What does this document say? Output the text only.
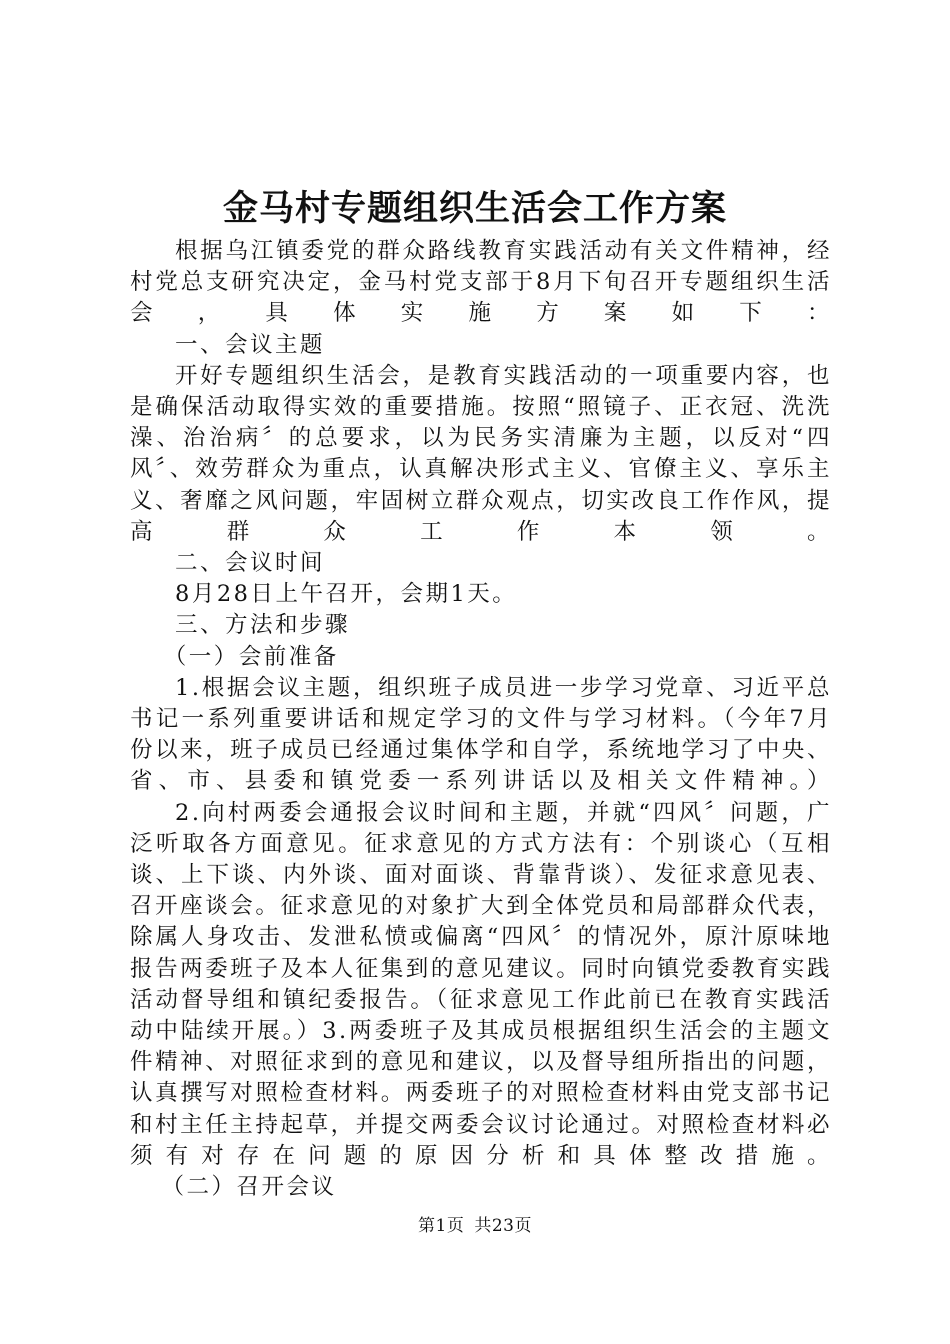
金马村专题组织生活会工作方案

根据乌江镇委党的群众路线教育实践活动有关文件精神，经村党总支研究决定，金马村党支部于8月下旬召开专题组织生活会，具体实施方案如下：

一、会议主题

开好专题组织生活会，是教育实践活动的一项重要内容，也是确保活动取得实效的重要措施。按照“照镜子、正衣冠、洗洗澡、治治病〞的总要求，以为民务实清廉为主题，以反对“四风〞、效劳群众为重点，认真解决形式主义、官僚主义、享乐主义、奢靡之风问题，牢固树立群众观点，切实改良工作作风，提高群众工作本领。

二、会议时间

8月28日上午召开，会期1天。

三、方法和步骤

（一）会前准备

1.根据会议主题，组织班子成员进一步学习党章、习近平总书记一系列重要讲话和规定学习的文件与学习材料。（今年7月份以来，班子成员已经通过集体学和自学，系统地学习了中央、省、市、县委和镇党委一系列讲话以及相关文件精神。）

2.向村两委会通报会议时间和主题，并就“四风〞问题，广泛听取各方面意见。征求意见的方式方法有：个别谈心（互相谈、上下谈、内外谈、面对面谈、背靠背谈）、发征求意见表、召开座谈会。征求意见的对象扩大到全体党员和局部群众代表，除属人身攻击、发泄私愤或偏离“四风〞的情况外，原汁原味地报告两委班子及本人征集到的意见建议。同时向镇党委教育实践活动督导组和镇纪委报告。（征求意见工作此前已在教育实践活动中陆续开展。）3.两委班子及其成员根据组织生活会的主题文件精神、对照征求到的意见和建议，以及督导组所指出的问题，认真撰写对照检查材料。两委班子的对照检查材料由党支部书记和村主任主持起草，并提交两委会议讨论通过。对照检查材料必须有对存在问题的原因分析和具体整改措施。

（二）召开会议

第1页 共23页
